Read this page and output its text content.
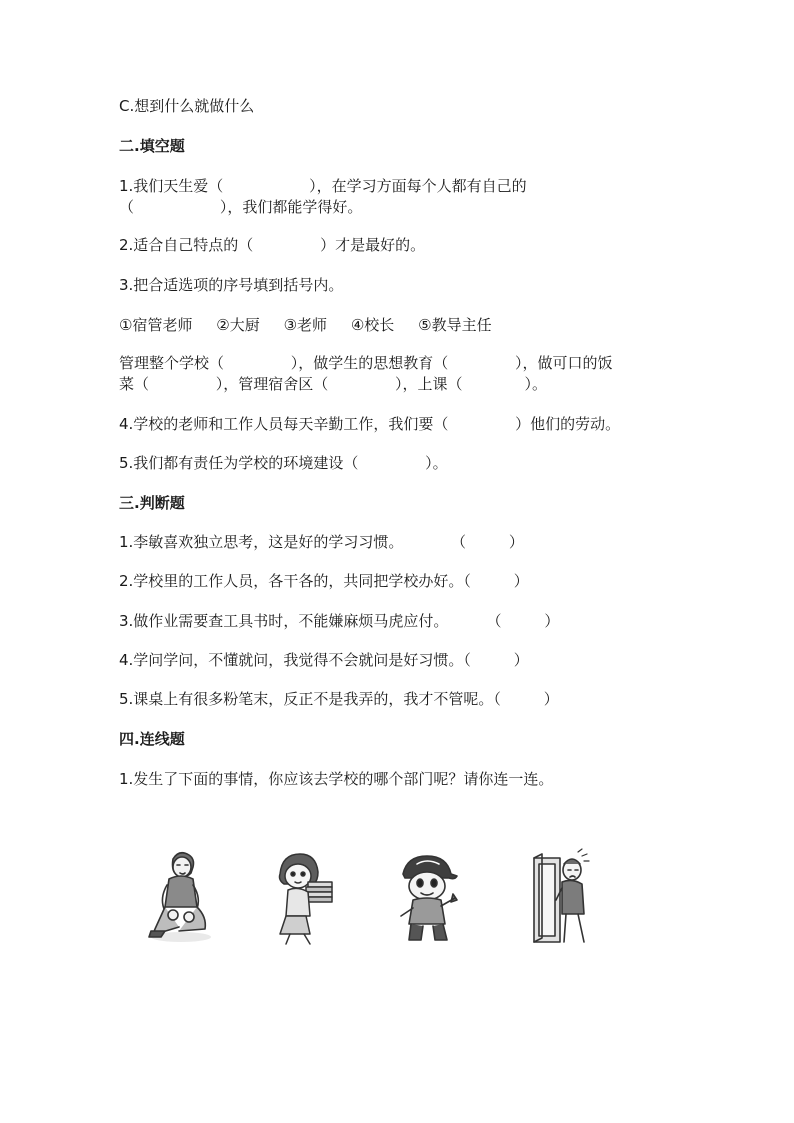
C.想到什么就做什么
二.填空题
1.我们天生爱（                  ），在学习方面每个人都有自己的
（                  ），我们都能学得好。
2.适合自己特点的（              ）才是最好的。
3.把合适选项的序号填到括号内。
①宿管老师     ②大厨     ③老师     ④校长     ⑤教导主任
管理整个学校（              ），做学生的思想教育（              ），做可口的饭
菜（              ），管理宿舍区（              ），上课（             ）。
4.学校的老师和工作人员每天辛勤工作，我们要（              ）他们的劳动。
5.我们都有责任为学校的环境建设（              ）。
三.判断题
1.李敏喜欢独立思考，这是好的学习习惯。          （         ）
2.学校里的工作人员，各干各的，共同把学校办好。（         ）
3.做作业需要查工具书时，不能嫌麻烦马虎应付。        （         ）
4.学问学问，不懂就问，我觉得不会就问是好习惯。（         ）
5.课桌上有很多粉笔末，反正不是我弄的，我才不管呢。（         ）
四.连线题
1.发生了下面的事情，你应该去学校的哪个部门呢？请你连一连。
